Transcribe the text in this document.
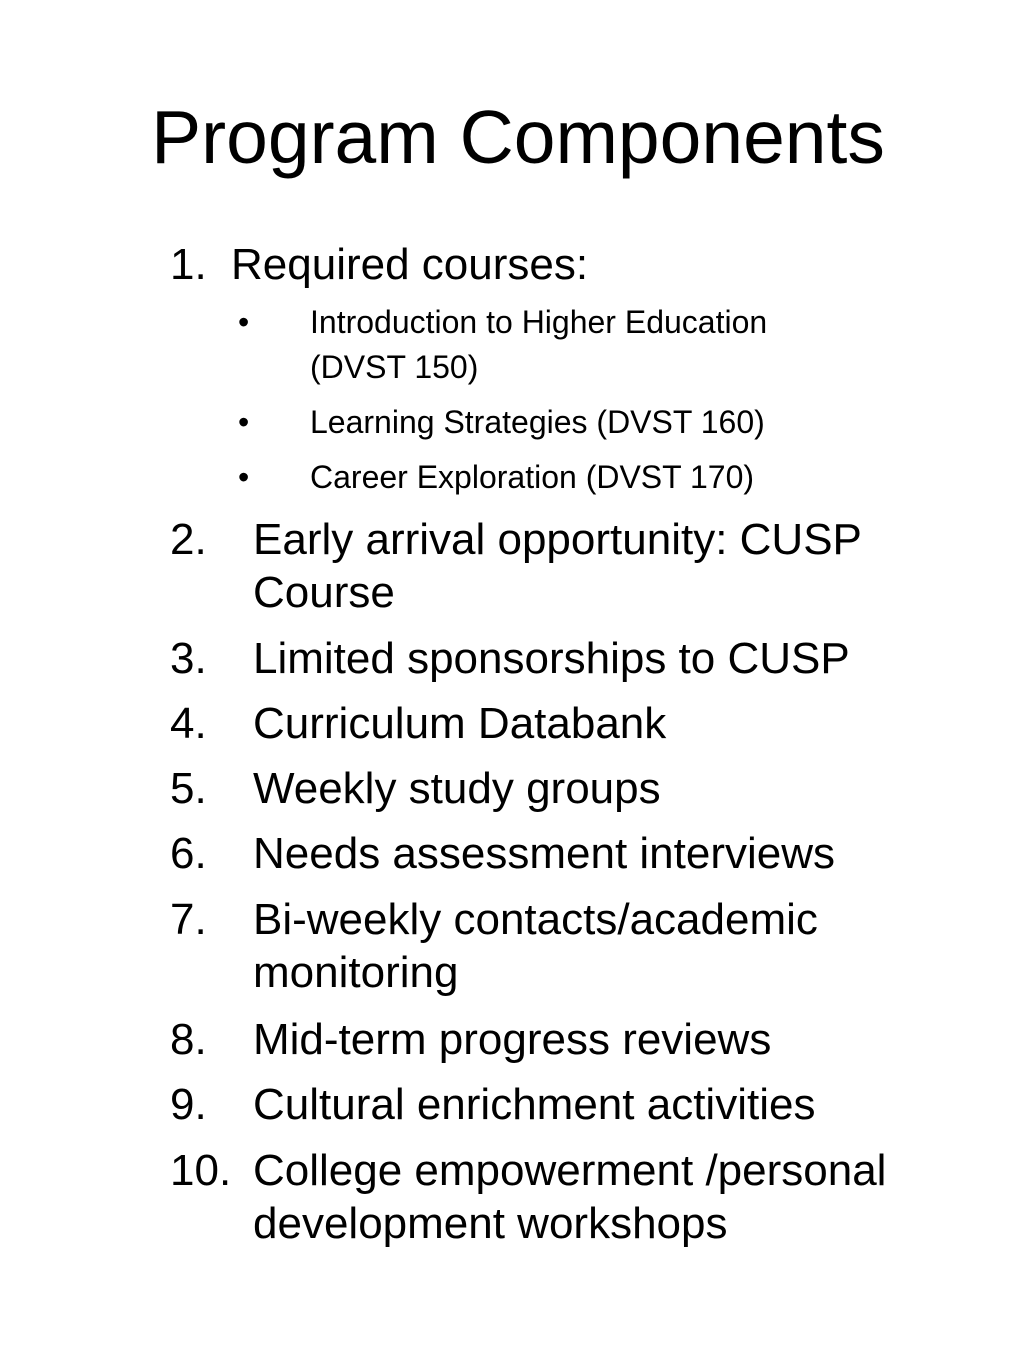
Program Components
1. Required courses:
• Introduction to Higher Education
(DVST 150)
• Learning Strategies (DVST 160)
• Career Exploration (DVST 170)
2. Early arrival opportunity: CUSP
Course
3. Limited sponsorships to CUSP
4. Curriculum Databank
5. Weekly study groups
6. Needs assessment interviews
7. Bi-weekly contacts/academic
monitoring
8. Mid-term progress reviews
9. Cultural enrichment activities
10. College empowerment /personal
development workshops
